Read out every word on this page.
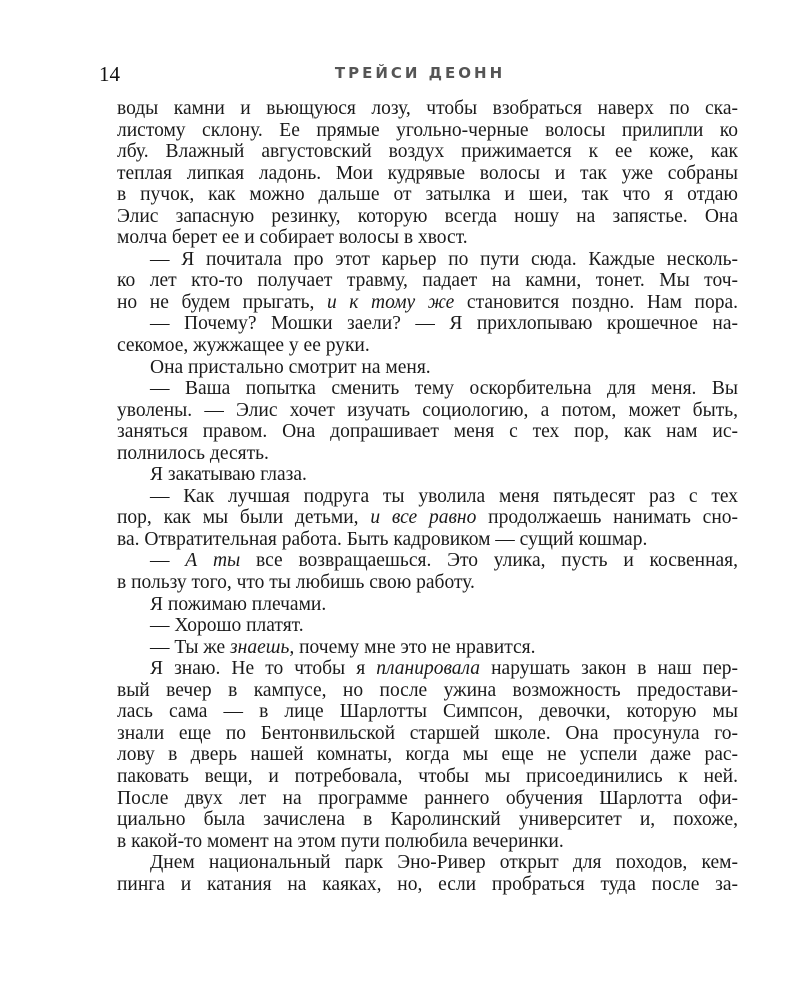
14	ТРЕЙСИ ДЕОНН
воды камни и вьющуюся лозу, чтобы взобраться наверх по ска-
листому склону. Ее прямые угольно-черные волосы прилипли ко
лбу. Влажный августовский воздух прижимается к ее коже, как
теплая липкая ладонь. Мои кудрявые волосы и так уже собраны
в пучок, как можно дальше от затылка и шеи, так что я отдаю
Элис запасную резинку, которую всегда ношу на запястье. Она
молча берет ее и собирает волосы в хвост.
— Я почитала про этот карьер по пути сюда. Каждые несколь-
ко лет кто-то получает травму, падает на камни, тонет. Мы точ-
но не будем прыгать, и к тому же становится поздно. Нам пора.
— Почему? Мошки заели? — Я прихлопываю крошечное на-
секомое, жужжащее у ее руки.
Она пристально смотрит на меня.
— Ваша попытка сменить тему оскорбительна для меня. Вы
уволены. — Элис хочет изучать социологию, а потом, может быть,
заняться правом. Она допрашивает меня с тех пор, как нам ис-
полнилось десять.
Я закатываю глаза.
— Как лучшая подруга ты уволила меня пятьдесят раз с тех
пор, как мы были детьми, и все равно продолжаешь нанимать сно-
ва. Отвратительная работа. Быть кадровиком — сущий кошмар.
— А ты все возвращаешься. Это улика, пусть и косвенная,
в пользу того, что ты любишь свою работу.
Я пожимаю плечами.
— Хорошо платят.
— Ты же знаешь, почему мне это не нравится.
Я знаю. Не то чтобы я планировала нарушать закон в наш пер-
вый вечер в кампусе, но после ужина возможность предостави-
лась сама — в лице Шарлотты Симпсон, девочки, которую мы
знали еще по Бентонвильской старшей школе. Она просунула го-
лову в дверь нашей комнаты, когда мы еще не успели даже рас-
паковать вещи, и потребовала, чтобы мы присоединились к ней.
После двух лет на программе раннего обучения Шарлотта офи-
циально была зачислена в Каролинский университет и, похоже,
в какой-то момент на этом пути полюбила вечеринки.
Днем национальный парк Эно-Ривер открыт для походов, кем-
пинга и катания на каяках, но, если пробраться туда после за-
